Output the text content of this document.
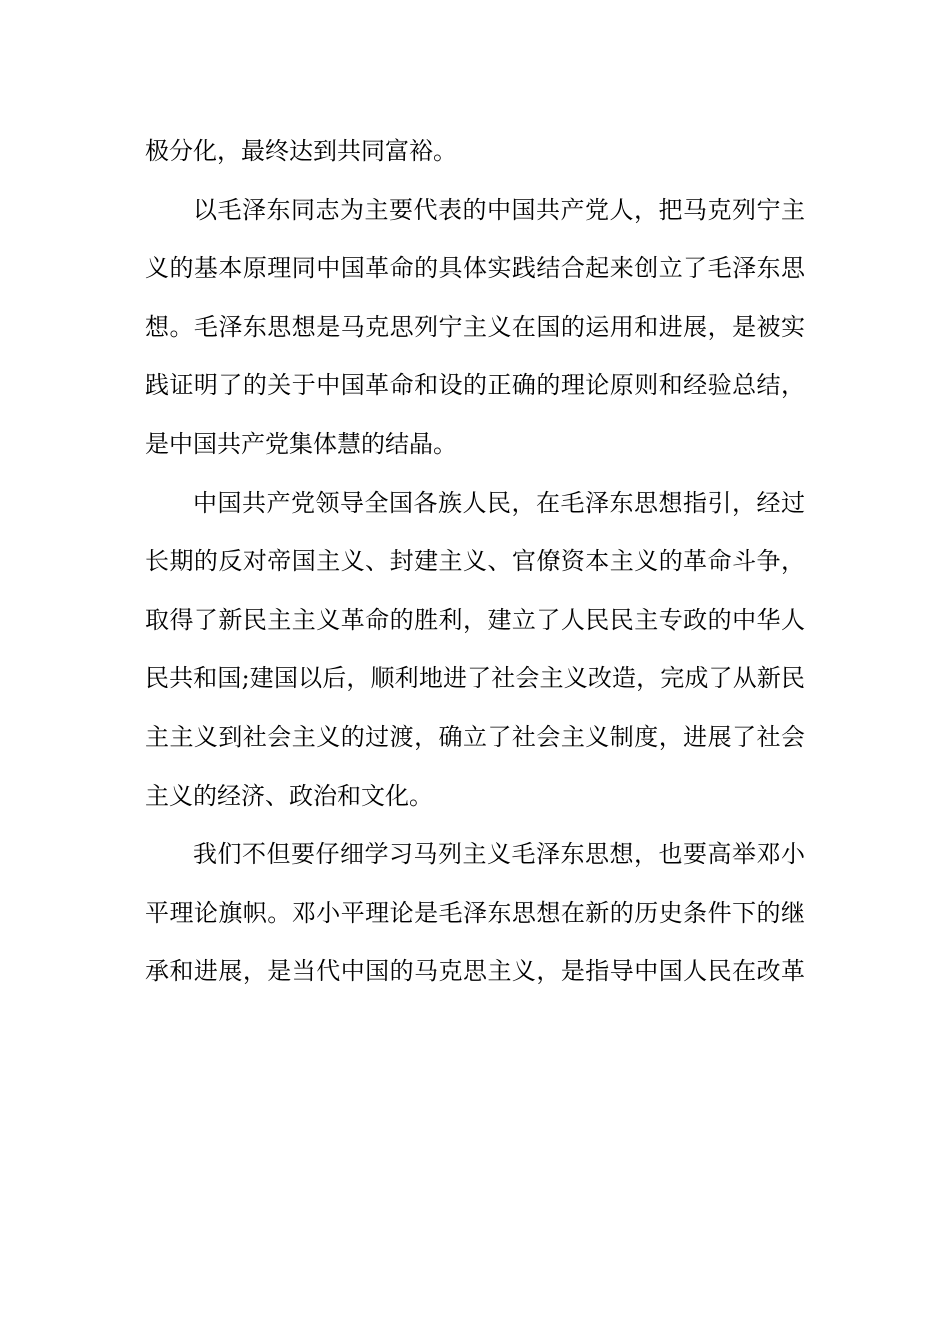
极分化，最终达到共同富裕。
以毛泽东同志为主要代表的中国共产党人，把马克列宁主
义的基本原理同中国革命的具体实践结合起来创立了毛泽东思
想。毛泽东思想是马克思列宁主义在国的运用和进展，是被实
践证明了的关于中国革命和设的正确的理论原则和经验总结，
是中国共产党集体慧的结晶。
中国共产党领导全国各族人民，在毛泽东思想指引，经过
长期的反对帝国主义、封建主义、官僚资本主义的革命斗争，
取得了新民主主义革命的胜利，建立了人民民主专政的中华人
民共和国;建国以后，顺利地进了社会主义改造，完成了从新民
主主义到社会主义的过渡，确立了社会主义制度，进展了社会
主义的经济、政治和文化。
我们不但要仔细学习马列主义毛泽东思想，也要高举邓小
平理论旗帜。邓小平理论是毛泽东思想在新的历史条件下的继
承和进展，是当代中国的马克思主义，是指导中国人民在改革
